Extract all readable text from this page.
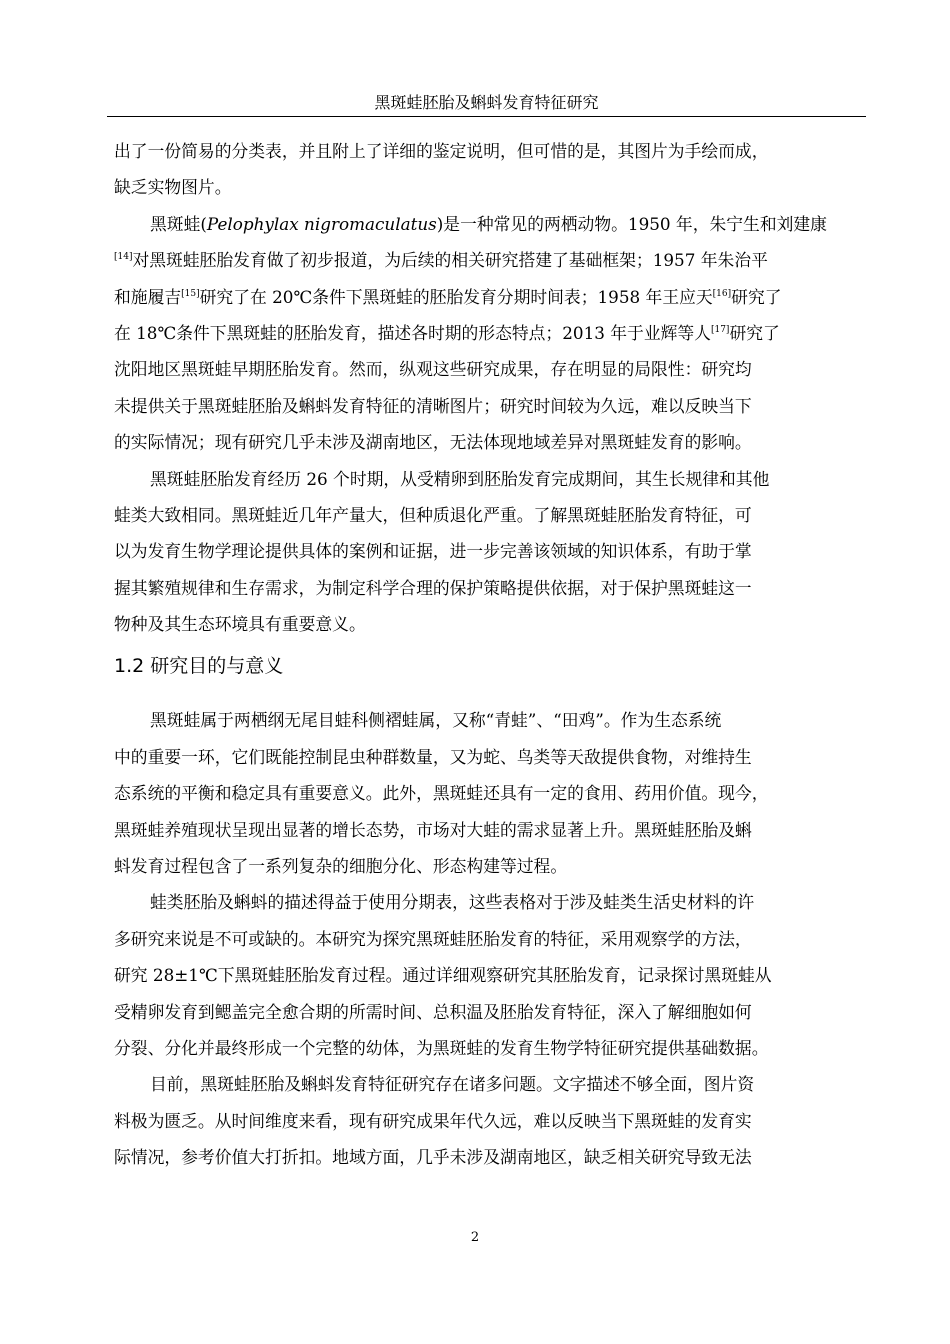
黑斑蛙胚胎及蝌蚪发育特征研究
出了一份简易的分类表，并且附上了详细的鉴定说明，但可惜的是，其图片为手绘而成，
缺乏实物图片。
黑斑蛙(Pelophylax nigromaculatus)是一种常见的两栖动物。1950 年，朱宁生和刘建康
[14]对黑斑蛙胚胎发育做了初步报道，为后续的相关研究搭建了基础框架；1957 年朱治平
和施履吉[15]研究了在 20℃条件下黑斑蛙的胚胎发育分期时间表；1958 年王应天[16]研究了
在 18℃条件下黑斑蛙的胚胎发育，描述各时期的形态特点；2013 年于业辉等人[17]研究了
沈阳地区黑斑蛙早期胚胎发育。然而，纵观这些研究成果，存在明显的局限性：研究均
未提供关于黑斑蛙胚胎及蝌蚪发育特征的清晰图片；研究时间较为久远，难以反映当下
的实际情况；现有研究几乎未涉及湖南地区，无法体现地域差异对黑斑蛙发育的影响。
黑斑蛙胚胎发育经历 26 个时期，从受精卵到胚胎发育完成期间，其生长规律和其他
蛙类大致相同。黑斑蛙近几年产量大，但种质退化严重。了解黑斑蛙胚胎发育特征，可
以为发育生物学理论提供具体的案例和证据，进一步完善该领域的知识体系，有助于掌
握其繁殖规律和生存需求，为制定科学合理的保护策略提供依据，对于保护黑斑蛙这一
物种及其生态环境具有重要意义。
1.2 研究目的与意义
黑斑蛙属于两栖纲无尾目蛙科侧褶蛙属，又称“青蛙”、“田鸡”。作为生态系统
中的重要一环，它们既能控制昆虫种群数量，又为蛇、鸟类等天敌提供食物，对维持生
态系统的平衡和稳定具有重要意义。此外，黑斑蛙还具有一定的食用、药用价值。现今，
黑斑蛙养殖现状呈现出显著的增长态势，市场对大蛙的需求显著上升。黑斑蛙胚胎及蝌
蚪发育过程包含了一系列复杂的细胞分化、形态构建等过程。
蛙类胚胎及蝌蚪的描述得益于使用分期表，这些表格对于涉及蛙类生活史材料的许
多研究来说是不可或缺的。本研究为探究黑斑蛙胚胎发育的特征，采用观察学的方法，
研究 28±1℃下黑斑蛙胚胎发育过程。通过详细观察研究其胚胎发育，记录探讨黑斑蛙从
受精卵发育到鳃盖完全愈合期的所需时间、总积温及胚胎发育特征，深入了解细胞如何
分裂、分化并最终形成一个完整的幼体，为黑斑蛙的发育生物学特征研究提供基础数据。
目前，黑斑蛙胚胎及蝌蚪发育特征研究存在诸多问题。文字描述不够全面，图片资
料极为匮乏。从时间维度来看，现有研究成果年代久远，难以反映当下黑斑蛙的发育实
际情况，参考价值大打折扣。地域方面，几乎未涉及湖南地区，缺乏相关研究导致无法
2
